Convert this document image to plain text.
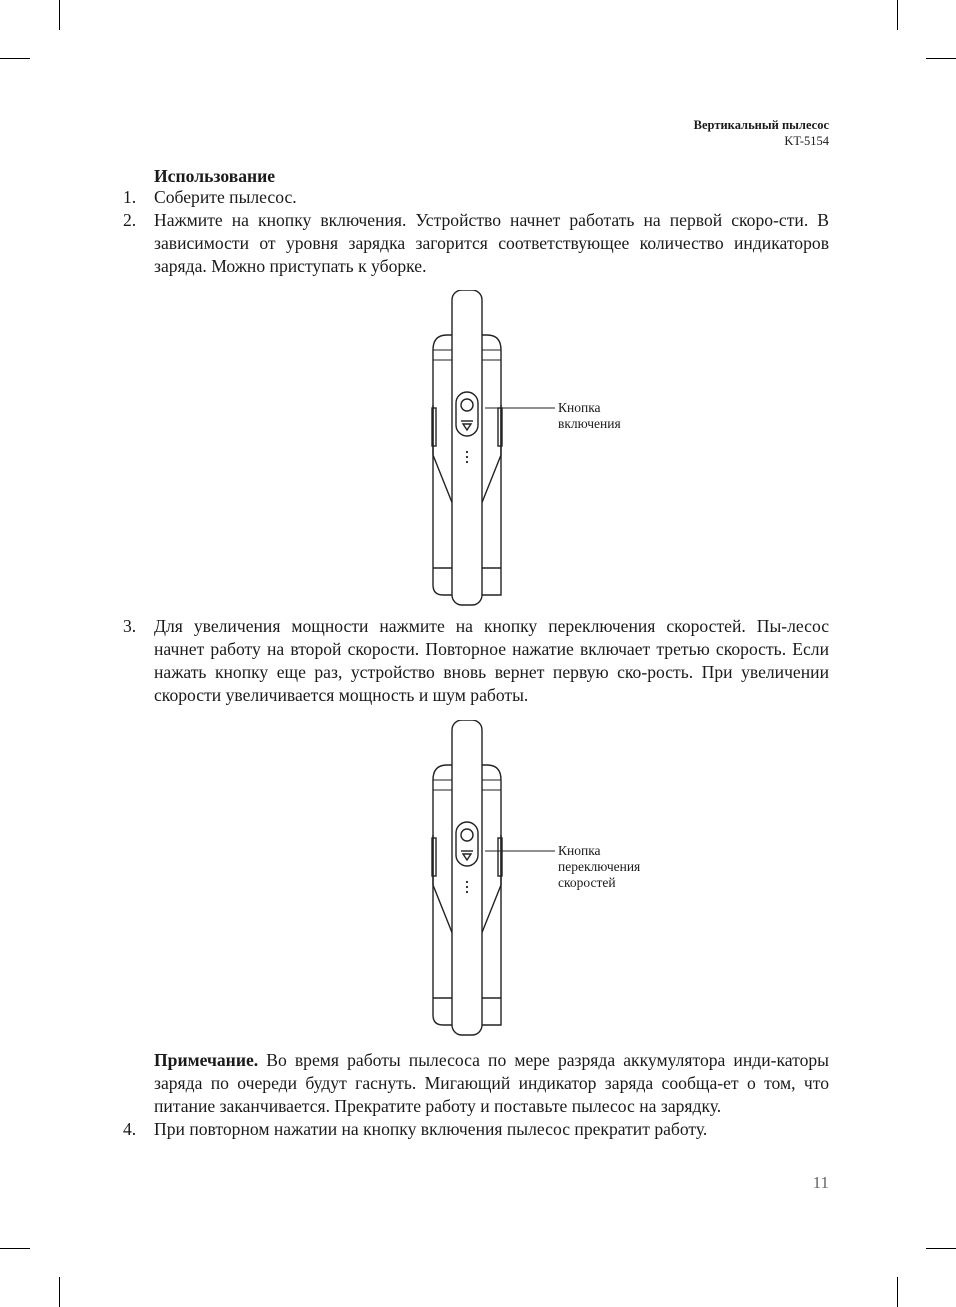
Вертикальный пылесос
KT-5154
Использование
1. Соберите пылесос.
2. Нажмите на кнопку включения. Устройство начнет работать на первой скоро-сти. В зависимости от уровня зарядка загорится соответствующее количество индикаторов заряда. Можно приступать к уборке.
Кнопка
включения
3. Для увеличения мощности нажмите на кнопку переключения скоростей. Пы-лесос начнет работу на второй скорости. Повторное нажатие включает третью скорость. Если нажать кнопку еще раз, устройство вновь вернет первую ско-рость. При увеличении скорости увеличивается мощность и шум работы.
Кнопка
переключения
скоростей
Примечание. Во время работы пылесоса по мере разряда аккумулятора инди-каторы заряда по очереди будут гаснуть. Мигающий индикатор заряда сообща-ет о том, что питание заканчивается. Прекратите работу и поставьте пылесос на зарядку.
4. При повторном нажатии на кнопку включения пылесос прекратит работу.
11
